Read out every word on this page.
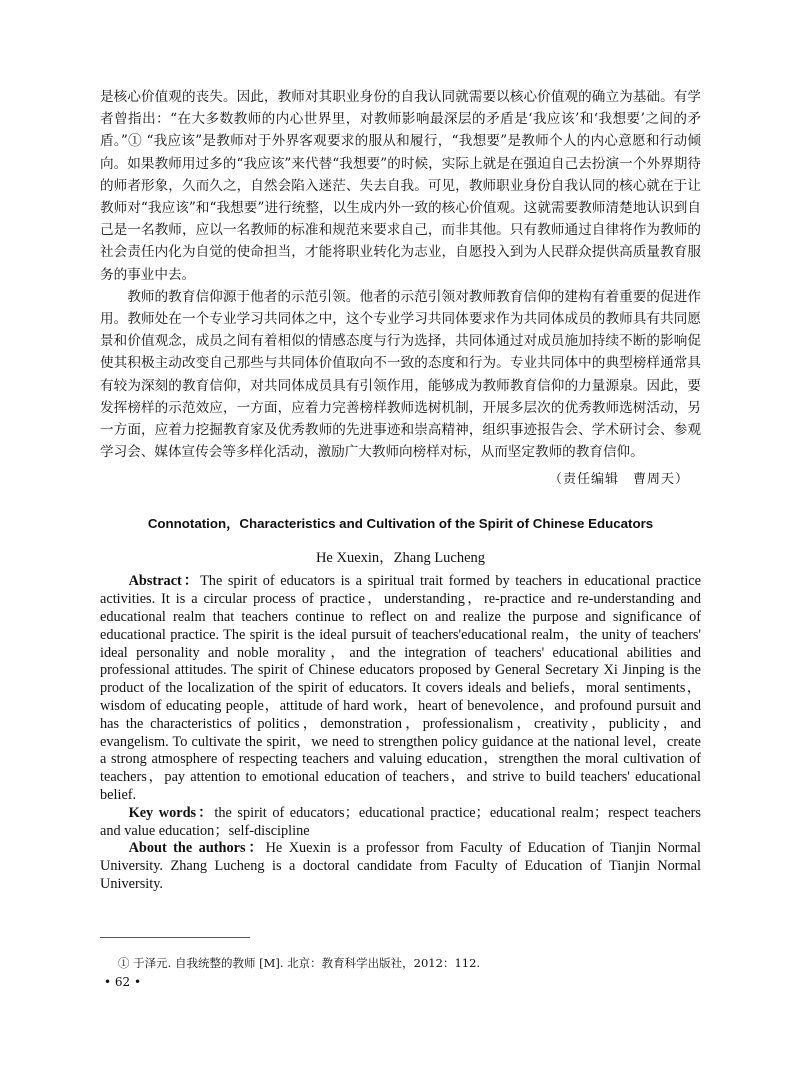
是核心价值观的丧失。因此，教师对其职业身份的自我认同就需要以核心价值观的确立为基础。有学者曾指出：“在大多数教师的内心世界里，对教师影响最深层的矛盾是‘我应该’和‘我想要’之间的矛盾。”① “我应该”是教师对于外界客观要求的服从和履行，“我想要”是教师个人的内心意愿和行动倾向。如果教师用过多的“我应该”来代替“我想要”的时候，实际上就是在强迫自己去扮演一个外界期待的师者形象，久而久之，自然会陷入迷茫、失去自我。可见，教师职业身份自我认同的核心就在于让教师对“我应该”和“我想要”进行统整，以生成内外一致的核心价值观。这就需要教师清楚地认识到自己是一名教师，应以一名教师的标准和规范来要求自己，而非其他。只有教师通过自律将作为教师的社会责任内化为自觉的使命担当，才能将职业转化为志业，自愿投入到为人民群众提供高质量教育服务的事业中去。

教师的教育信仰源于他者的示范引领。他者的示范引领对教师教育信仰的建构有着重要的促进作用。教师处在一个专业学习共同体之中，这个专业学习共同体要求作为共同体成员的教师具有共同愿景和价值观念，成员之间有着相似的情感态度与行为选择，共同体通过对成员施加持续不断的影响促使其积极主动改变自己那些与共同体价值取向不一致的态度和行为。专业共同体中的典型榜样通常具有较为深刻的教育信仰，对共同体成员具有引领作用，能够成为教师教育信仰的力量源泉。因此，要发挥榜样的示范效应，一方面，应着力完善榜样教师选树机制，开展多层次的优秀教师选树活动，另一方面，应着力挖掘教育家及优秀教师的先进事迹和崇高精神，组织事迹报告会、学术研讨会、参观学习会、媒体宣传会等多样化活动，激励广大教师向榜样对标，从而坚定教师的教育信仰。

（责任编辑　曹周天）

Connotation，Characteristics and Cultivation of the Spirit of Chinese Educators

He Xuexin，Zhang Lucheng

Abstract：The spirit of educators is a spiritual trait formed by teachers in educational practice activities. It is a circular process of practice，understanding，re-practice and re-understanding and educational realm that teachers continue to reflect on and realize the purpose and significance of educational practice. The spirit is the ideal pursuit of teachers'educational realm，the unity of teachers' ideal personality and noble morality，and the integration of teachers' educational abilities and professional attitudes. The spirit of Chinese educators proposed by General Secretary Xi Jinping is the product of the localization of the spirit of educators. It covers ideals and beliefs，moral sentiments，wisdom of educating people，attitude of hard work，heart of benevolence，and profound pursuit and has the characteristics of politics，demonstration，professionalism，creativity，publicity，and evangelism. To cultivate the spirit，we need to strengthen policy guidance at the national level，create a strong atmosphere of respecting teachers and valuing education，strengthen the moral cultivation of teachers，pay attention to emotional education of teachers，and strive to build teachers' educational belief.

Key words：the spirit of educators；educational practice；educational realm；respect teachers and value education；self-discipline

About the authors：He Xuexin is a professor from Faculty of Education of Tianjin Normal University. Zhang Lucheng is a doctoral candidate from Faculty of Education of Tianjin Normal University.

① 于泽元. 自我统整的教师 [M]. 北京：教育科学出版社，2012：112.

• 62 •
